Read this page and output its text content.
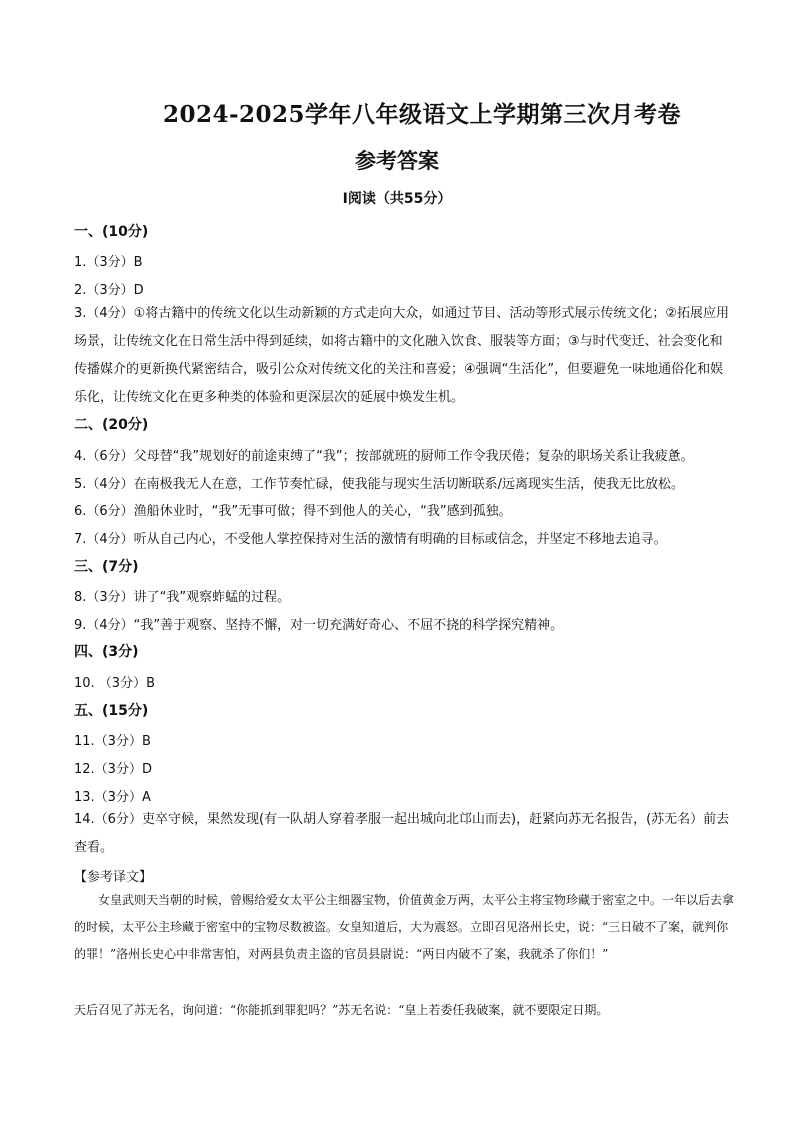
2024-2025学年八年级语文上学期第三次月考卷
参考答案
Ⅰ阅读（共55分）
一、(10分)
1.（3分）B
2.（3分）D
3.（4分）①将古籍中的传统文化以生动新颖的方式走向大众，如通过节目、活动等形式展示传统文化；②拓展应用场景，让传统文化在日常生活中得到延续，如将古籍中的文化融入饮食、服装等方面；③与时代变迁、社会变化和传播媒介的更新换代紧密结合，吸引公众对传统文化的关注和喜爱；④强调“生活化”，但要避免一味地通俗化和娱乐化，让传统文化在更多种类的体验和更深层次的延展中焕发生机。
二、(20分)
4.（6分）父母替“我”规划好的前途束缚了“我”；按部就班的厨师工作令我厌倦；复杂的职场关系让我疲惫。
5.（4分）在南极我无人在意，工作节奏忙碌，使我能与现实生活切断联系/远离现实生活，使我无比放松。
6.（6分）渔船休业时，“我”无事可做；得不到他人的关心，“我”感到孤独。
7.（4分）听从自己内心，不受他人掌控保持对生活的激情有明确的目标或信念，并坚定不移地去追寻。
三、(7分)
8.（3分）讲了“我”观察蚱蜢的过程。
9.（4分）“我”善于观察、坚持不懈，对一切充满好奇心、不屈不挠的科学探究精神。
四、(3分)
10. （3分）B
五、(15分)
11.（3分）B
12.（3分）D
13.（3分）A
14.（6分）吏卒守候，果然发现(有一队胡人穿着孝服一起出城向北邙山而去)，赶紧向苏无名报告，(苏无名）前去查看。
【参考译文】
女皇武则天当朝的时候，曾赐给爱女太平公主细器宝物，价值黄金万两，太平公主将宝物珍藏于密室之中。一年以后去拿的时候，太平公主珍藏于密室中的宝物尽数被盗。女皇知道后，大为震怒。立即召见洛州长史，说：“三日破不了案，就判你的罪！”洛州长史心中非常害怕，对两县负责主盗的官员县尉说：“两日内破不了案，我就杀了你们！”
天后召见了苏无名，询问道：“你能抓到罪犯吗？”苏无名说：“皇上若委任我破案，就不要限定日期。
